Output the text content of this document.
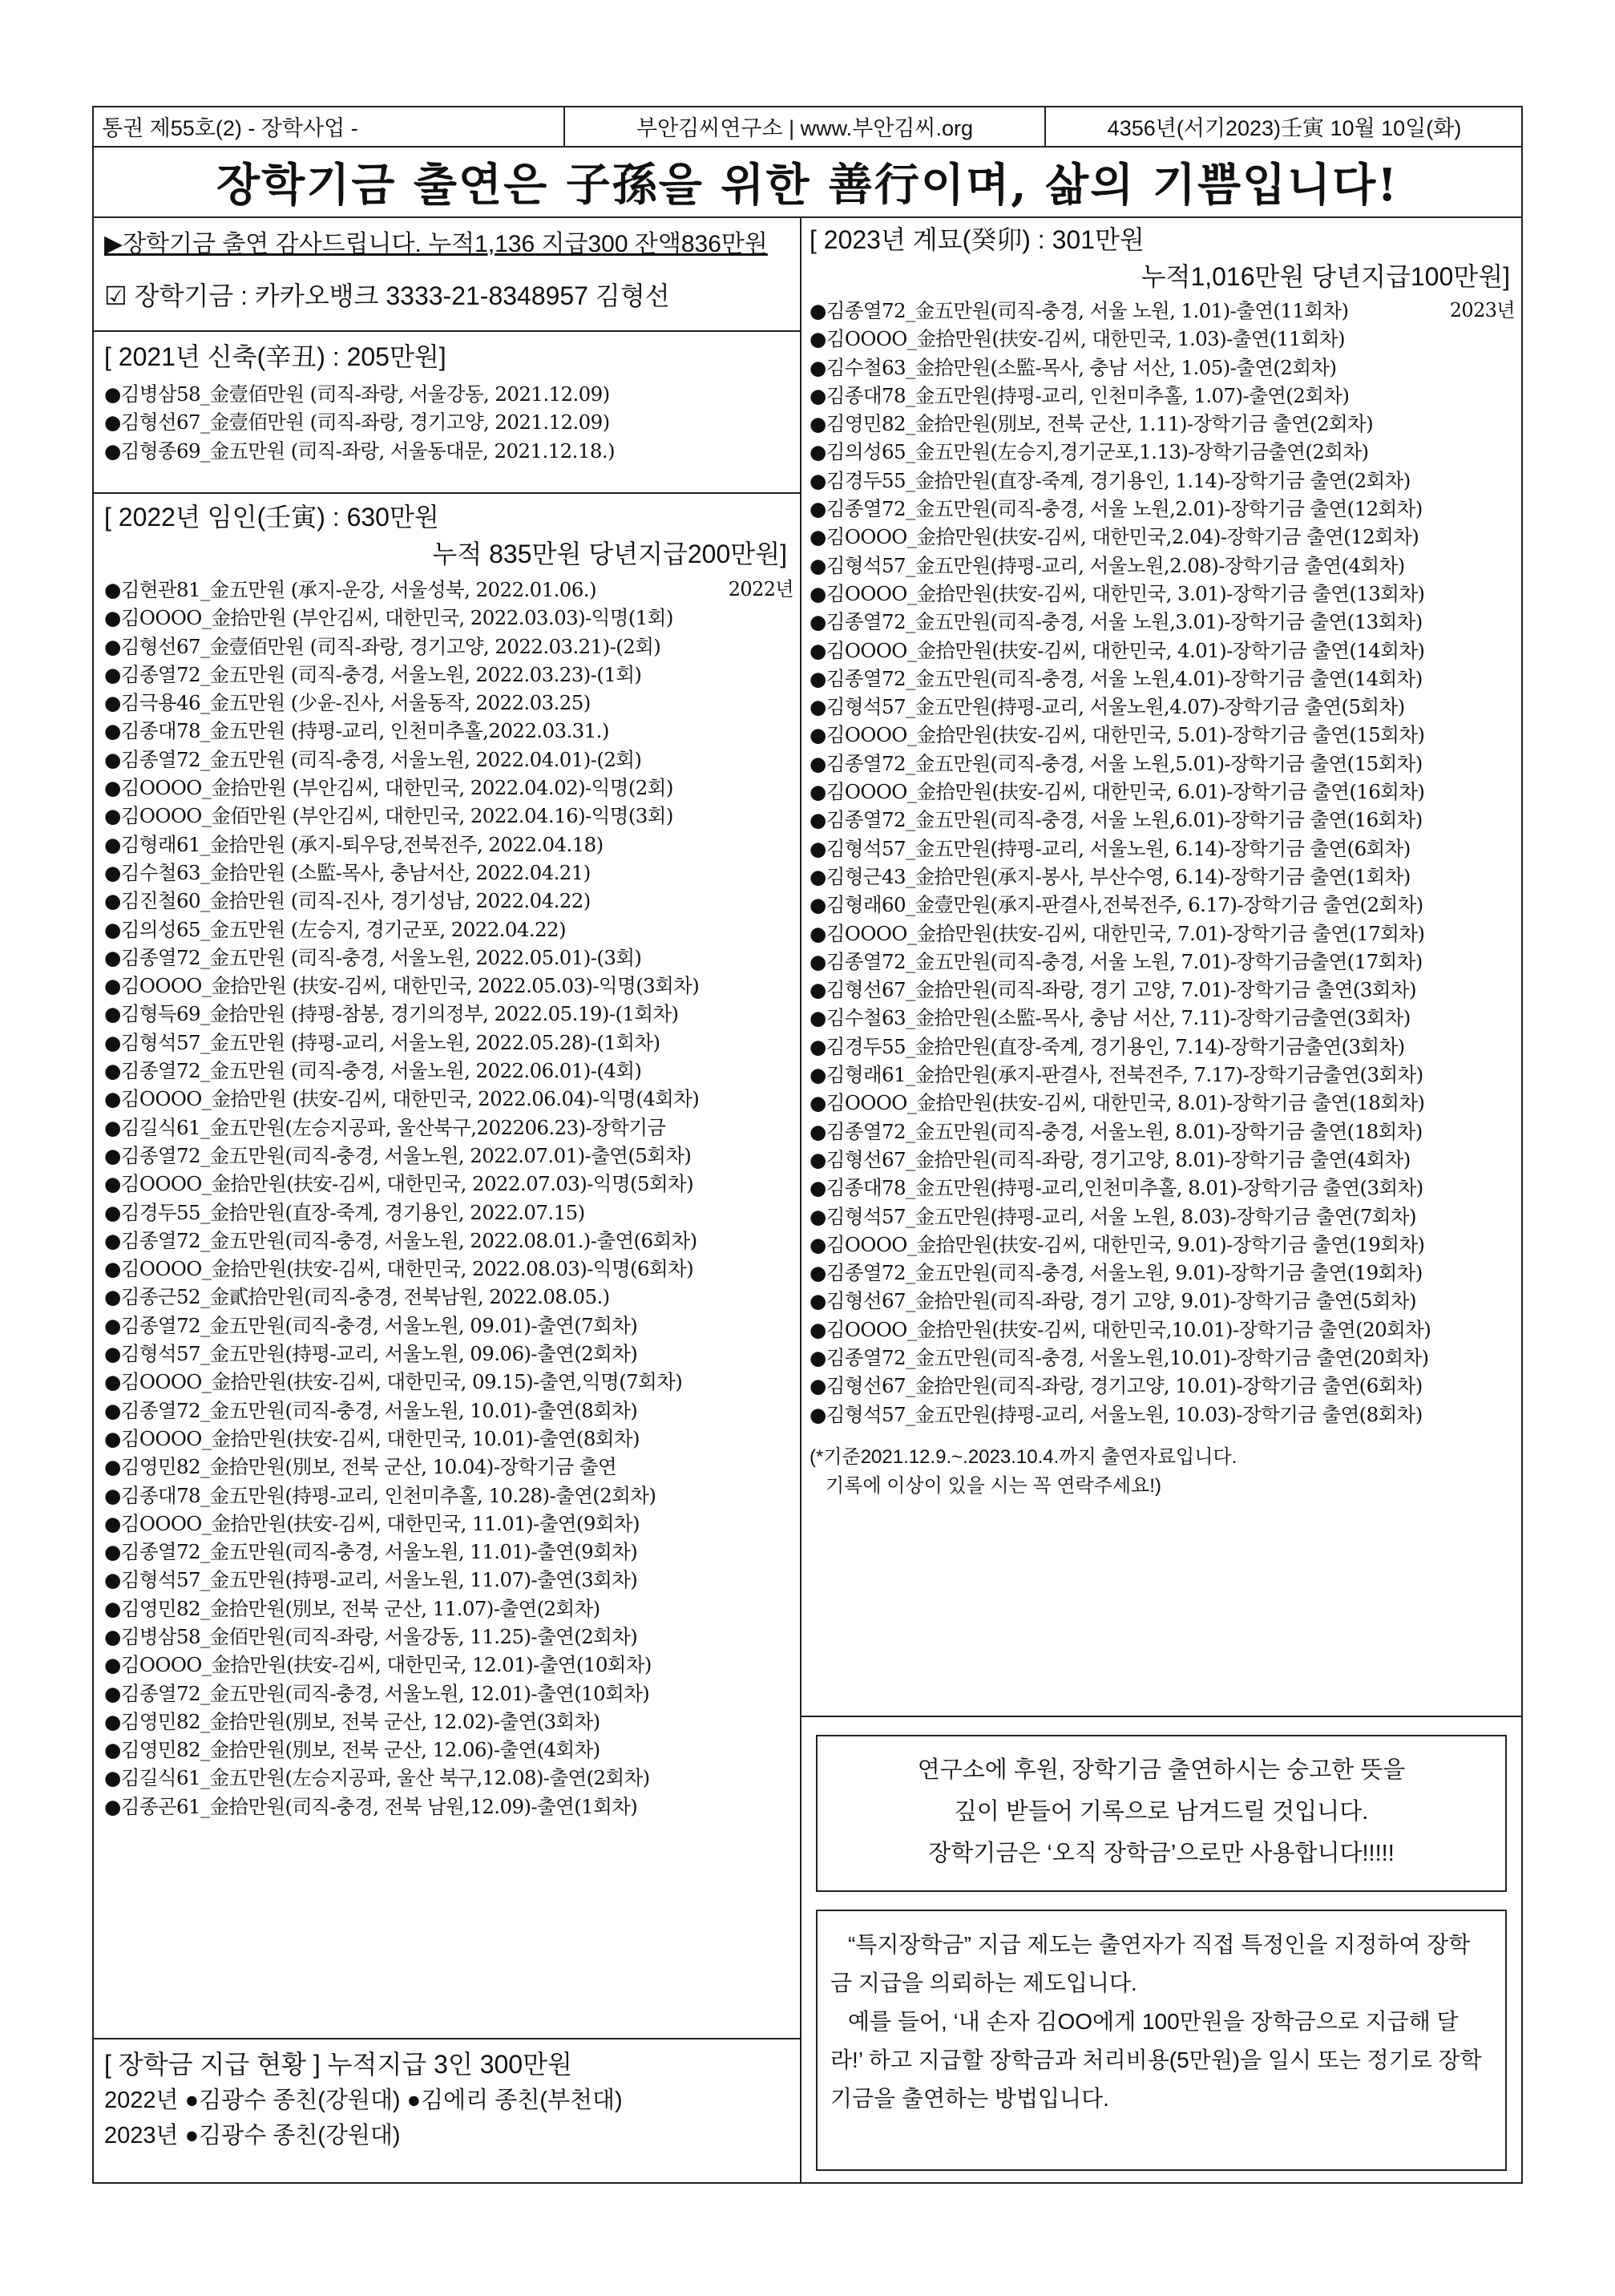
통권 제55호(2) - 장학사업 -	부안김씨연구소 | www.부안김씨.org	4356년(서기2023)壬寅 10월 10일(화)
장학기금 출연은 子孫을 위한 善行이며, 삶의 기쁨입니다!
▶장학기금 출연 감사드립니다. 누적1,136 지급300 잔액836만원
☑ 장학기금 : 카카오뱅크 3333-21-8348957 김형선
[ 2021년 신축(辛丑) : 205만원]
●김병삼58_金壹佰만원 (司직-좌랑, 서울강동, 2021.12.09)
●김형선67_金壹佰만원 (司직-좌랑, 경기고양, 2021.12.09)
●김형종69_金五만원 (司직-좌랑, 서울동대문, 2021.12.18.)
[ 2022년 임인(壬寅) : 630만원
누적 835만원 당년지급200만원]
2022년
●김현관81_金五만원 (承지-운강, 서울성북, 2022.01.06.)
●김OOOO_金拾만원 (부안김씨, 대한민국, 2022.03.03)-익명(1회)
●김형선67_金壹佰만원 (司직-좌랑, 경기고양, 2022.03.21)-(2회)
●김종열72_金五만원 (司직-충경, 서울노원, 2022.03.23)-(1회)
●김극용46_金五만원 (少윤-진사, 서울동작, 2022.03.25)
●김종대78_金五만원 (持평-교리, 인천미추홀,2022.03.31.)
●김종열72_金五만원 (司직-충경, 서울노원, 2022.04.01)-(2회)
●김OOOO_金拾만원 (부안김씨, 대한민국, 2022.04.02)-익명(2회)
●김OOOO_金佰만원 (부안김씨, 대한민국, 2022.04.16)-익명(3회)
●김형래61_金拾만원 (承지-퇴우당,전북전주, 2022.04.18)
●김수철63_金拾만원 (소監-목사, 충남서산, 2022.04.21)
●김진철60_金拾만원 (司직-진사, 경기성남, 2022.04.22)
●김의성65_金五만원 (左승지, 경기군포, 2022.04.22)
●김종열72_金五만원 (司직-충경, 서울노원, 2022.05.01)-(3회)
●김OOOO_金拾만원 (扶安-김씨, 대한민국, 2022.05.03)-익명(3회차)
●김형득69_金拾만원 (持평-참봉, 경기의정부, 2022.05.19)-(1회차)
●김형석57_金五만원 (持평-교리, 서울노원, 2022.05.28)-(1회차)
●김종열72_金五만원 (司직-충경, 서울노원, 2022.06.01)-(4회)
●김OOOO_金拾만원 (扶安-김씨, 대한민국, 2022.06.04)-익명(4회차)
●김길식61_金五만원(左승지공파, 울산북구,202206.23)-장학기금
●김종열72_金五만원(司직-충경, 서울노원, 2022.07.01)-출연(5회차)
●김OOOO_金拾만원(扶安-김씨, 대한민국, 2022.07.03)-익명(5회차)
●김경두55_金拾만원(直장-죽계, 경기용인, 2022.07.15)
●김종열72_金五만원(司직-충경, 서울노원, 2022.08.01.)-출연(6회차)
●김OOOO_金拾만원(扶安-김씨, 대한민국, 2022.08.03)-익명(6회차)
●김종근52_金貳拾만원(司직-충경, 전북남원, 2022.08.05.)
●김종열72_金五만원(司직-충경, 서울노원, 09.01)-출연(7회차)
●김형석57_金五만원(持평-교리, 서울노원, 09.06)-출연(2회차)
●김OOOO_金拾만원(扶安-김씨, 대한민국, 09.15)-출연,익명(7회차)
●김종열72_金五만원(司직-충경, 서울노원, 10.01)-출연(8회차)
●김OOOO_金拾만원(扶安-김씨, 대한민국, 10.01)-출연(8회차)
●김영민82_金拾만원(別보, 전북 군산, 10.04)-장학기금 출연
●김종대78_金五만원(持평-교리, 인천미추홀, 10.28)-출연(2회차)
●김OOOO_金拾만원(扶安-김씨, 대한민국, 11.01)-출연(9회차)
●김종열72_金五만원(司직-충경, 서울노원, 11.01)-출연(9회차)
●김형석57_金五만원(持평-교리, 서울노원, 11.07)-출연(3회차)
●김영민82_金拾만원(別보, 전북 군산, 11.07)-출연(2회차)
●김병삼58_金佰만원(司직-좌랑, 서울강동, 11.25)-출연(2회차)
●김OOOO_金拾만원(扶安-김씨, 대한민국, 12.01)-출연(10회차)
●김종열72_金五만원(司직-충경, 서울노원, 12.01)-출연(10회차)
●김영민82_金拾만원(別보, 전북 군산, 12.02)-출연(3회차)
●김영민82_金拾만원(別보, 전북 군산, 12.06)-출연(4회차)
●김길식61_金五만원(左승지공파, 울산 북구,12.08)-출연(2회차)
●김종곤61_金拾만원(司직-충경, 전북 남원,12.09)-출연(1회차)
[ 장학금 지급 현황 ] 누적지급 3인 300만원
2022년 ●김광수 종친(강원대) ●김에리 종친(부천대)
2023년 ●김광수 종친(강원대)
[ 2023년 계묘(癸卯) : 301만원
누적1,016만원 당년지급100만원]
2023년
●김종열72_金五만원(司직-충경, 서울 노원, 1.01)-출연(11회차)
●김OOOO_金拾만원(扶安-김씨, 대한민국, 1.03)-출연(11회차)
●김수철63_金拾만원(소監-목사, 충남 서산, 1.05)-출연(2회차)
●김종대78_金五만원(持평-교리, 인천미추홀, 1.07)-출연(2회차)
●김영민82_金拾만원(別보, 전북 군산, 1.11)-장학기금 출연(2회차)
●김의성65_金五만원(左승지,경기군포,1.13)-장학기금출연(2회차)
●김경두55_金拾만원(直장-죽계, 경기용인, 1.14)-장학기금 출연(2회차)
●김종열72_金五만원(司직-충경, 서울 노원,2.01)-장학기금 출연(12회차)
●김OOOO_金拾만원(扶安-김씨, 대한민국,2.04)-장학기금 출연(12회차)
●김형석57_金五만원(持평-교리, 서울노원,2.08)-장학기금 출연(4회차)
●김OOOO_金拾만원(扶安-김씨, 대한민국, 3.01)-장학기금 출연(13회차)
●김종열72_金五만원(司직-충경, 서울 노원,3.01)-장학기금 출연(13회차)
●김OOOO_金拾만원(扶安-김씨, 대한민국, 4.01)-장학기금 출연(14회차)
●김종열72_金五만원(司직-충경, 서울 노원,4.01)-장학기금 출연(14회차)
●김형석57_金五만원(持평-교리, 서울노원,4.07)-장학기금 출연(5회차)
●김OOOO_金拾만원(扶安-김씨, 대한민국, 5.01)-장학기금 출연(15회차)
●김종열72_金五만원(司직-충경, 서울 노원,5.01)-장학기금 출연(15회차)
●김OOOO_金拾만원(扶安-김씨, 대한민국, 6.01)-장학기금 출연(16회차)
●김종열72_金五만원(司직-충경, 서울 노원,6.01)-장학기금 출연(16회차)
●김형석57_金五만원(持평-교리, 서울노원, 6.14)-장학기금 출연(6회차)
●김형근43_金拾만원(承지-봉사, 부산수영, 6.14)-장학기금 출연(1회차)
●김형래60_金壹만원(承지-판결사,전북전주, 6.17)-장학기금 출연(2회차)
●김OOOO_金拾만원(扶安-김씨, 대한민국, 7.01)-장학기금 출연(17회차)
●김종열72_金五만원(司직-충경, 서울 노원, 7.01)-장학기금출연(17회차)
●김형선67_金拾만원(司직-좌랑, 경기 고양, 7.01)-장학기금 출연(3회차)
●김수철63_金拾만원(소監-목사, 충남 서산, 7.11)-장학기금출연(3회차)
●김경두55_金拾만원(直장-죽계, 경기용인, 7.14)-장학기금출연(3회차)
●김형래61_金拾만원(承지-판결사, 전북전주, 7.17)-장학기금출연(3회차)
●김OOOO_金拾만원(扶安-김씨, 대한민국, 8.01)-장학기금 출연(18회차)
●김종열72_金五만원(司직-충경, 서울노원, 8.01)-장학기금 출연(18회차)
●김형선67_金拾만원(司직-좌랑, 경기고양, 8.01)-장학기금 출연(4회차)
●김종대78_金五만원(持평-교리,인천미추홀, 8.01)-장학기금 출연(3회차)
●김형석57_金五만원(持평-교리, 서울 노원, 8.03)-장학기금 출연(7회차)
●김OOOO_金拾만원(扶安-김씨, 대한민국, 9.01)-장학기금 출연(19회차)
●김종열72_金五만원(司직-충경, 서울노원, 9.01)-장학기금 출연(19회차)
●김형선67_金拾만원(司직-좌랑, 경기 고양, 9.01)-장학기금 출연(5회차)
●김OOOO_金拾만원(扶安-김씨, 대한민국,10.01)-장학기금 출연(20회차)
●김종열72_金五만원(司직-충경, 서울노원,10.01)-장학기금 출연(20회차)
●김형선67_金拾만원(司직-좌랑, 경기고양, 10.01)-장학기금 출연(6회차)
●김형석57_金五만원(持평-교리, 서울노원, 10.03)-장학기금 출연(8회차)
(*기준2021.12.9.~.2023.10.4.까지 출연자료입니다.
기록에 이상이 있을 시는 꼭 연락주세요!)
연구소에 후원, 장학기금 출연하시는 숭고한 뜻을
깊이 받들어 기록으로 남겨드릴 것입니다.
장학기금은 ‘오직 장학금’으로만 사용합니다!!!!!
“특지장학금” 지급 제도는 출연자가 직접 특정인을 지정하여 장학금 지급을 의뢰하는 제도입니다.
예를 들어, ‘내 손자 김OO에게 100만원을 장학금으로 지급해 달라!’ 하고 지급할 장학금과 처리비용(5만원)을 일시 또는 정기로 장학기금을 출연하는 방법입니다.
